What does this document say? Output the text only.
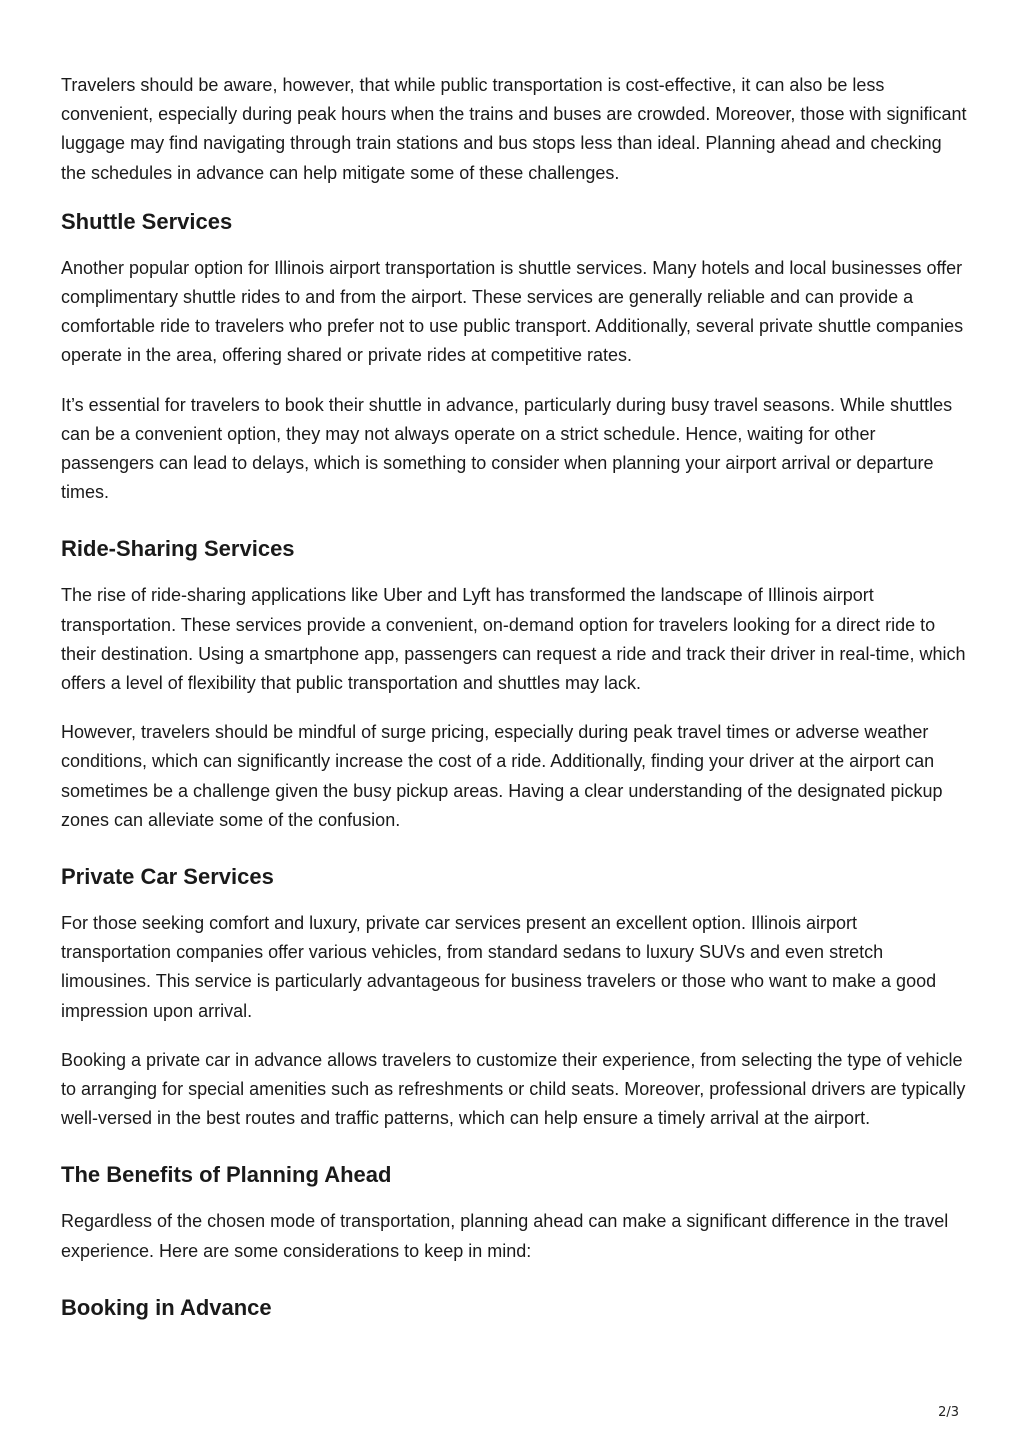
Travelers should be aware, however, that while public transportation is cost-effective, it can also be less convenient, especially during peak hours when the trains and buses are crowded. Moreover, those with significant luggage may find navigating through train stations and bus stops less than ideal. Planning ahead and checking the schedules in advance can help mitigate some of these challenges.

Shuttle Services

Another popular option for Illinois airport transportation is shuttle services. Many hotels and local businesses offer complimentary shuttle rides to and from the airport. These services are generally reliable and can provide a comfortable ride to travelers who prefer not to use public transport. Additionally, several private shuttle companies operate in the area, offering shared or private rides at competitive rates.

It’s essential for travelers to book their shuttle in advance, particularly during busy travel seasons. While shuttles can be a convenient option, they may not always operate on a strict schedule. Hence, waiting for other passengers can lead to delays, which is something to consider when planning your airport arrival or departure times.

Ride-Sharing Services

The rise of ride-sharing applications like Uber and Lyft has transformed the landscape of Illinois airport transportation. These services provide a convenient, on-demand option for travelers looking for a direct ride to their destination. Using a smartphone app, passengers can request a ride and track their driver in real-time, which offers a level of flexibility that public transportation and shuttles may lack.

However, travelers should be mindful of surge pricing, especially during peak travel times or adverse weather conditions, which can significantly increase the cost of a ride. Additionally, finding your driver at the airport can sometimes be a challenge given the busy pickup areas. Having a clear understanding of the designated pickup zones can alleviate some of the confusion.

Private Car Services

For those seeking comfort and luxury, private car services present an excellent option. Illinois airport transportation companies offer various vehicles, from standard sedans to luxury SUVs and even stretch limousines. This service is particularly advantageous for business travelers or those who want to make a good impression upon arrival.

Booking a private car in advance allows travelers to customize their experience, from selecting the type of vehicle to arranging for special amenities such as refreshments or child seats. Moreover, professional drivers are typically well-versed in the best routes and traffic patterns, which can help ensure a timely arrival at the airport.

The Benefits of Planning Ahead

Regardless of the chosen mode of transportation, planning ahead can make a significant difference in the travel experience. Here are some considerations to keep in mind:

Booking in Advance
2/3
